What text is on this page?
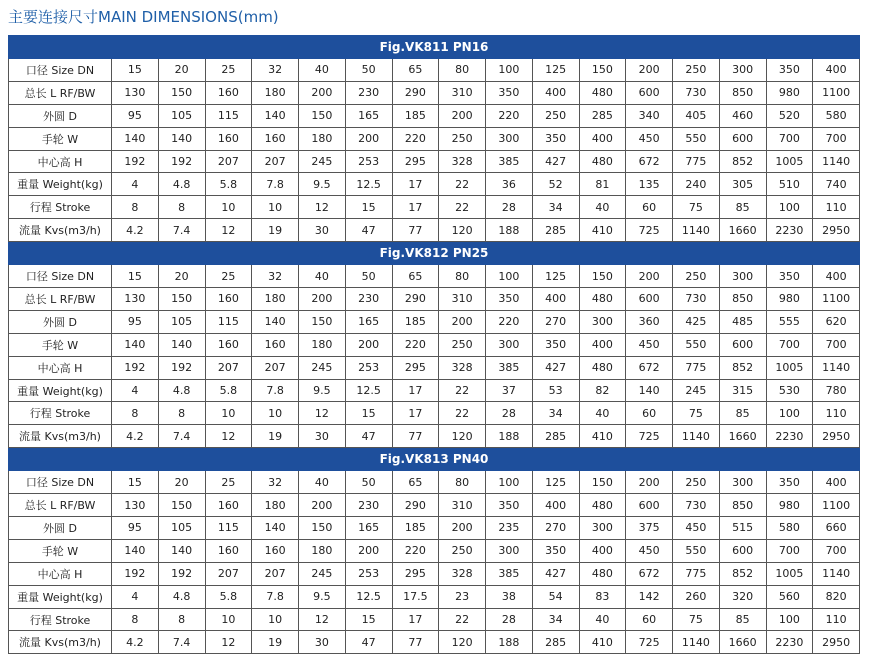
主要连接尺寸MAIN DIMENSIONS(mm)
Fig.VK811 PN16																
口径 Size DN	15	20	25	32	40	50	65	80	100	125	150	200	250	300	350	400
总长 L RF/BW	130	150	160	180	200	230	290	310	350	400	480	600	730	850	980	1100
外圆 D	95	105	115	140	150	165	185	200	220	250	285	340	405	460	520	580
手轮 W	140	140	160	160	180	200	220	250	300	350	400	450	550	600	700	700
中心高 H	192	192	207	207	245	253	295	328	385	427	480	672	775	852	1005	1140
重量 Weight(kg)	4	4.8	5.8	7.8	9.5	12.5	17	22	36	52	81	135	240	305	510	740
行程 Stroke	8	8	10	10	12	15	17	22	28	34	40	60	75	85	100	110
流量 Kvs(m3/h)	4.2	7.4	12	19	30	47	77	120	188	285	410	725	1140	1660	2230	2950
Fig.VK812 PN25																
口径 Size DN	15	20	25	32	40	50	65	80	100	125	150	200	250	300	350	400
总长 L RF/BW	130	150	160	180	200	230	290	310	350	400	480	600	730	850	980	1100
外圆 D	95	105	115	140	150	165	185	200	220	270	300	360	425	485	555	620
手轮 W	140	140	160	160	180	200	220	250	300	350	400	450	550	600	700	700
中心高 H	192	192	207	207	245	253	295	328	385	427	480	672	775	852	1005	1140
重量 Weight(kg)	4	4.8	5.8	7.8	9.5	12.5	17	22	37	53	82	140	245	315	530	780
行程 Stroke	8	8	10	10	12	15	17	22	28	34	40	60	75	85	100	110
流量 Kvs(m3/h)	4.2	7.4	12	19	30	47	77	120	188	285	410	725	1140	1660	2230	2950
Fig.VK813 PN40																
口径 Size DN	15	20	25	32	40	50	65	80	100	125	150	200	250	300	350	400
总长 L RF/BW	130	150	160	180	200	230	290	310	350	400	480	600	730	850	980	1100
外圆 D	95	105	115	140	150	165	185	200	235	270	300	375	450	515	580	660
手轮 W	140	140	160	160	180	200	220	250	300	350	400	450	550	600	700	700
中心高 H	192	192	207	207	245	253	295	328	385	427	480	672	775	852	1005	1140
重量 Weight(kg)	4	4.8	5.8	7.8	9.5	12.5	17.5	23	38	54	83	142	260	320	560	820
行程 Stroke	8	8	10	10	12	15	17	22	28	34	40	60	75	85	100	110
流量 Kvs(m3/h)	4.2	7.4	12	19	30	47	77	120	188	285	410	725	1140	1660	2230	2950
